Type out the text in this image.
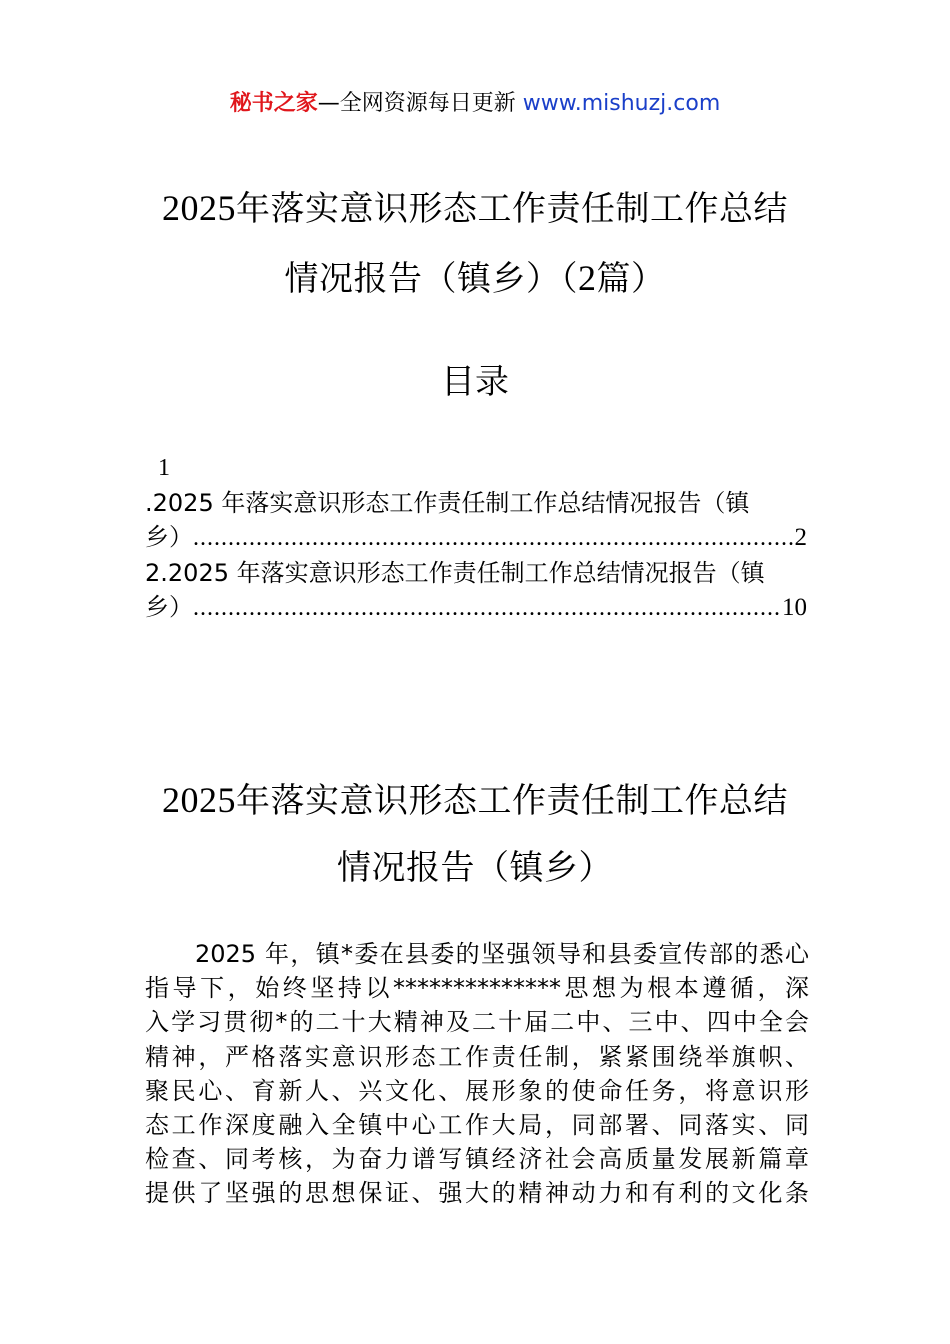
秘书之家—全网资源每日更新 www.mishuzj.com
2025年落实意识形态工作责任制工作总结
情况报告（镇乡）（2篇）
目录
1
.2025 年落实意识形态工作责任制工作总结情况报告（镇
乡） .....	2
2.2025 年落实意识形态工作责任制工作总结情况报告（镇
乡） .....	10
2025年落实意识形态工作责任制工作总结
情况报告（镇乡）
2025 年，镇*委在县委的坚强领导和县委宣传部的悉心
指导下，始终坚持以**************思想为根本遵循，深
入学习贯彻*的二十大精神及二十届二中、三中、四中全会
精神，严格落实意识形态工作责任制，紧紧围绕举旗帜、
聚民心、育新人、兴文化、展形象的使命任务，将意识形
态工作深度融入全镇中心工作大局，同部署、同落实、同
检查、同考核，为奋力谱写镇经济社会高质量发展新篇章
提供了坚强的思想保证、强大的精神动力和有利的文化条
